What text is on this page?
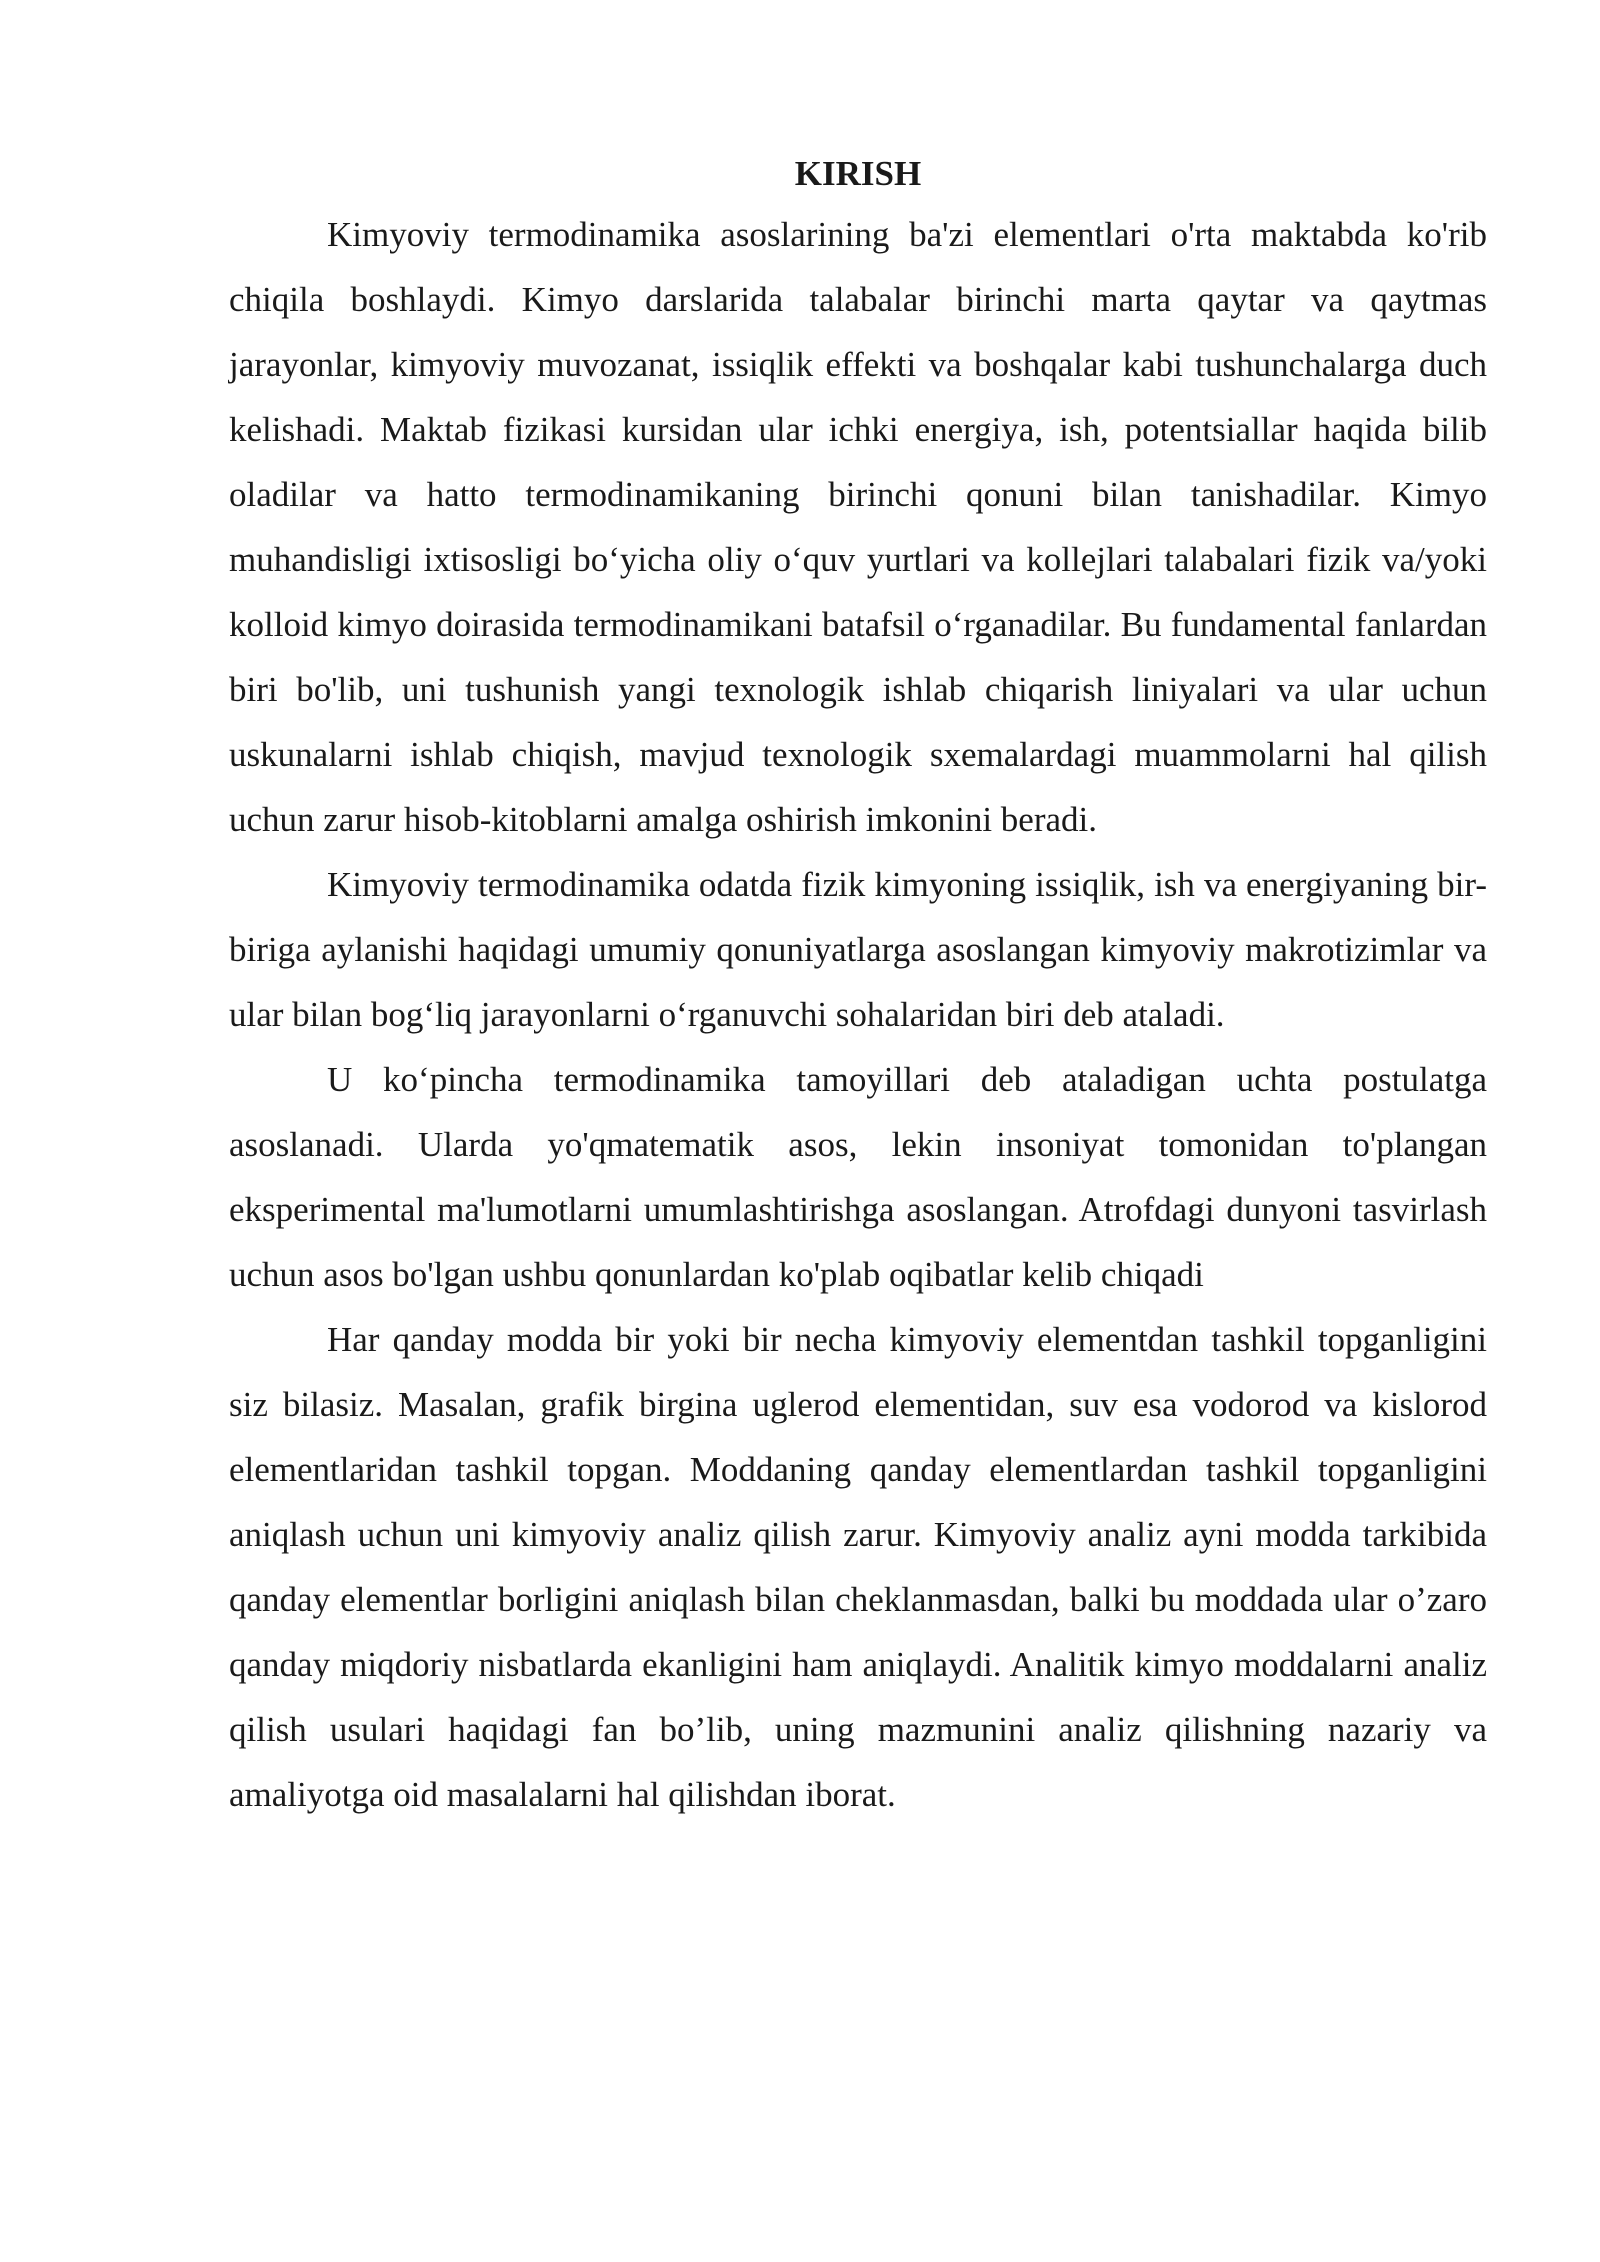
KIRISH

Kimyoviy termodinamika asoslarining ba'zi elementlari o'rta maktabda ko'rib chiqila boshlaydi. Kimyo darslarida talabalar birinchi marta qaytar va qaytmas jarayonlar, kimyoviy muvozanat, issiqlik effekti va boshqalar kabi tushunchalarga duch kelishadi. Maktab fizikasi kursidan ular ichki energiya, ish, potentsiallar haqida bilib oladilar va hatto termodinamikaning birinchi qonuni bilan tanishadilar. Kimyo muhandisligi ixtisosligi bo‘yicha oliy o‘quv yurtlari va kollejlari talabalari fizik va/yoki kolloid kimyo doirasida termodinamikani batafsil o‘rganadilar. Bu fundamental fanlardan biri bo'lib, uni tushunish yangi texnologik ishlab chiqarish liniyalari va ular uchun uskunalarni ishlab chiqish, mavjud texnologik sxemalardagi muammolarni hal qilish uchun zarur hisob-kitoblarni amalga oshirish imkonini beradi.

Kimyoviy termodinamika odatda fizik kimyoning issiqlik, ish va energiyaning bir-biriga aylanishi haqidagi umumiy qonuniyatlarga asoslangan kimyoviy makrotizimlar va ular bilan bog‘liq jarayonlarni o‘rganuvchi sohalaridan biri deb ataladi.

U ko‘pincha termodinamika tamoyillari deb ataladigan uchta postulatga asoslanadi. Ularda yo'qmatematik asos, lekin insoniyat tomonidan to'plangan eksperimental ma'lumotlarni umumlashtirishga asoslangan. Atrofdagi dunyoni tasvirlash uchun asos bo'lgan ushbu qonunlardan ko'plab oqibatlar kelib chiqadi

Har qanday modda bir yoki bir necha kimyoviy elementdan tashkil topganligini siz bilasiz. Masalan, grafik birgina uglerod elementidan, suv esa vodorod va kislorod elementlaridan tashkil topgan. Moddaning qanday elementlardan tashkil topganligini aniqlash uchun uni kimyoviy analiz qilish zarur. Kimyoviy analiz ayni modda tarkibida qanday elementlar borligini aniqlash bilan cheklanmasdan, balki bu moddada ular o’zaro qanday miqdoriy nisbatlarda ekanligini ham aniqlaydi. Analitik kimyo moddalarni analiz qilish usulari haqidagi fan bo’lib, uning mazmunini analiz qilishning nazariy va amaliyotga oid masalalarni hal qilishdan iborat.
